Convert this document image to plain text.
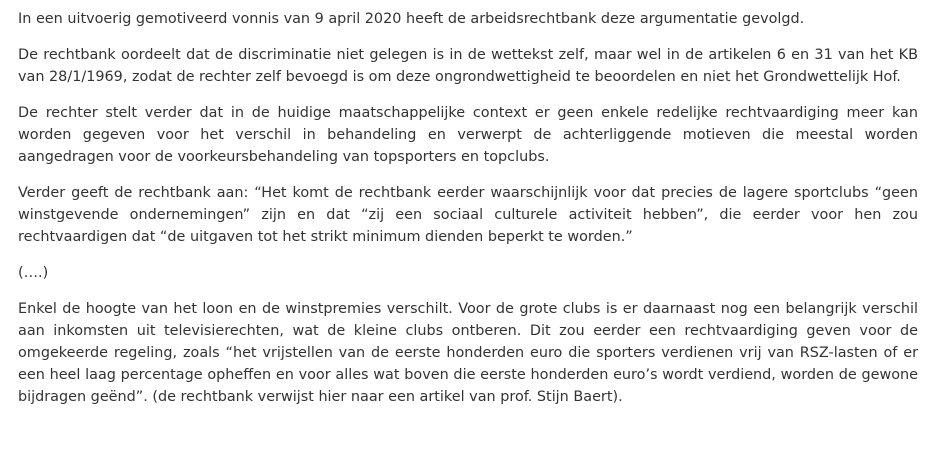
In een uitvoerig gemotiveerd vonnis van 9 april 2020 heeft de arbeidsrechtbank deze argumentatie gevolgd.

De rechtbank oordeelt dat de discriminatie niet gelegen is in de wettekst zelf, maar wel in de artikelen 6 en 31 van het KB van 28/1/1969, zodat de rechter zelf bevoegd is om deze ongrondwettigheid te beoordelen en niet het Grondwettelijk Hof.

De rechter stelt verder dat in de huidige maatschappelijke context er geen enkele redelijke rechtvaardiging meer kan worden gegeven voor het verschil in behandeling en verwerpt de achterliggende motieven die meestal worden aangedragen voor de voorkeursbehandeling van topsporters en topclubs.

Verder geeft de rechtbank aan: “Het komt de rechtbank eerder waarschijnlijk voor dat precies de lagere sportclubs “geen winstgevende ondernemingen” zijn en dat “zij een sociaal culturele activiteit hebben”, die eerder voor hen zou rechtvaardigen dat “de uitgaven tot het strikt minimum dienden beperkt te worden.”

(….)

Enkel de hoogte van het loon en de winstpremies verschilt. Voor de grote clubs is er daarnaast nog een belangrijk verschil aan inkomsten uit televisierechten, wat de kleine clubs ontberen. Dit zou eerder een rechtvaardiging geven voor de omgekeerde regeling, zoals “het vrijstellen van de eerste honderden euro die sporters verdienen vrij van RSZ-lasten of er een heel laag percentage opheffen en voor alles wat boven die eerste honderden euro’s wordt verdiend, worden de gewone bijdragen geënd”. (de rechtbank verwijst hier naar een artikel van prof. Stijn Baert).
